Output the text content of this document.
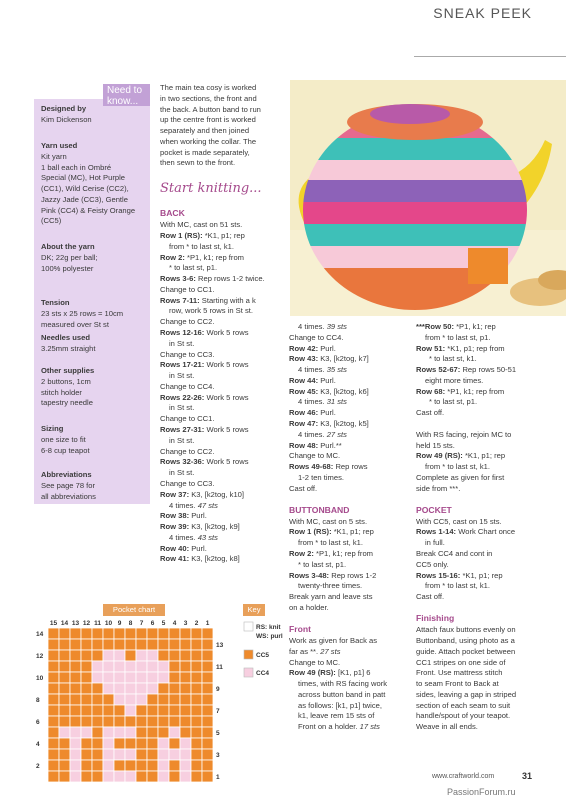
SNEAK PEEK
Need to know...
Designed by

Kim Dickenson

Yarn used

Kit yarn

1 ball each in Ombré

Special (MC), Hot Purple

(CC1), Wild Cerise (CC2),

Jazzy Jade (CC3), Gentle

Pink (CC4) & Feisty Orange

(CC5)

About the yarn

DK; 22g per ball;

100% polyester

Tension

23 sts x 25 rows = 10cm

measured over St st

Needles used

3.25mm straight

Other supplies

2 buttons, 1cm

stitch holder

tapestry needle

Sizing

one size to fit

6-8 cup teapot

Abbreviations

See page 78 for

all abbreviations

The main tea cosy is worked

in two sections, the front and

the back. A button band to run

up the centre front is worked

separately and then joined

when working the collar. The

pocket is made separately,

then sewn to the front.

Start knitting...
BACK

With MC, cast on 51 sts.

Row 1 (RS): *K1, p1; rep

from * to last st, k1.

Row 2: *P1, k1; rep from

* to last st, p1.

Rows 3-6: Rep rows 1-2 twice.

Change to CC1.

Rows 7-11: Starting with a k

row, work 5 rows in St st.

Change to CC2.

Rows 12-16: Work 5 rows

in St st.

Change to CC3.

Rows 17-21: Work 5 rows

in St st.

Change to CC4.

Rows 22-26: Work 5 rows

in St st.

Change to CC1.

Rows 27-31: Work 5 rows

in St st.

Change to CC2.

Rows 32-36: Work 5 rows

in St st.

Change to CC3.

Row 37: K3, [k2tog, k10]

4 times. 47 sts

Row 38: Purl.

Row 39: K3, [k2tog, k9]

4 times. 43 sts

Row 40: Purl.

Row 41: K3, [k2tog, k8]

4 times. 39 sts

Change to CC4.

Row 42: Purl.

Row 43: K3, [k2tog, k7]

4 times. 35 sts

Row 44: Purl.

Row 45: K3, [k2tog, k6]

4 times. 31 sts

Row 46: Purl.

Row 47: K3, [k2tog, k5]

4 times. 27 sts

Row 48: Purl.**

Change to MC.

Rows 49-68: Rep rows

1-2 ten times.

Cast off.

BUTTONBAND

With MC, cast on 5 sts.

Row 1 (RS): *K1, p1; rep

from * to last st, k1.

Row 2: *P1, k1; rep from

* to last st, p1.

Rows 3-48: Rep rows 1-2

twenty-three times.

Break yarn and leave sts

on a holder.

Front

Work as given for Back as

far as **. 27 sts

Change to MC.

Row 49 (RS): [K1, p1] 6

times, with RS facing work

across button band in patt

as follows: [k1, p1] twice,

k1, leave rem 15 sts of

Front on a holder. 17 sts

***Row 50: *P1, k1; rep

from * to last st, p1.

Row 51: *K1, p1; rep from

* to last st, k1.

Rows 52-67: Rep rows 50-51

eight more times.

Row 68: *P1, k1; rep from

* to last st, p1.

Cast off.

With RS facing, rejoin MC to

held 15 sts.

Row 49 (RS): *K1, p1; rep

from * to last st, k1.

Complete as given for first

side from ***.

POCKET

With CC5, cast on 15 sts.

Rows 1-14: Work Chart once

in full.

Break CC4 and cont in

CC5 only.

Rows 15-16: *K1, p1; rep

from * to last st, k1.

Cast off.

Finishing

Attach faux buttons evenly on

Buttonband, using photo as a

guide. Attach pocket between

CC1 stripes on one side of

Front. Use mattress stitch

to seam Front to Back at

sides, leaving a gap in striped

section of each seam to suit

handle/spout of your teapot.

Weave in all ends.

Pocket chart	Key
15 14 13 12 11 10 9 8 7 6 5 4 3 2 1
14
12
10
8
6
4
2
13
11
9
7
5
3
1
RS: knit
WS: purl
CC5
CC4
www.craftworld.com	31
PassionForum.ru
